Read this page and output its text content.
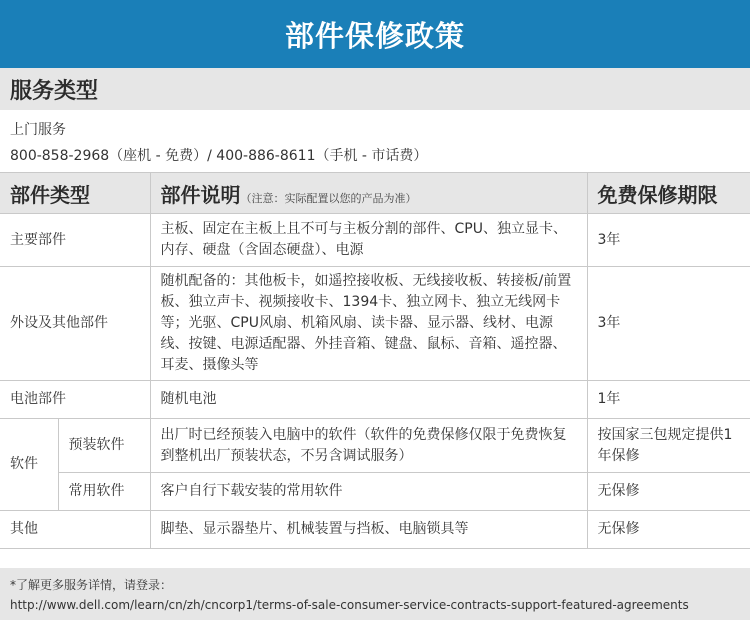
部件保修政策
服务类型
上门服务
800-858-2968（座机 - 免费）/ 400-886-8611（手机 - 市话费）
部件类型		部件说明（注意：实际配置以您的产品为准）	免费保修期限
主要部件		主板、固定在主板上且不可与主板分割的部件、CPU、独立显卡、内存、硬盘（含固态硬盘）、电源	3年
外设及其他部件		随机配备的：其他板卡，如遥控接收板、无线接收板、转接板/前置板、独立声卡、视频接收卡、1394卡、独立网卡、独立无线网卡等；光驱、CPU风扇、机箱风扇、读卡器、显示器、线材、电源线、按键、电源适配器、外挂音箱、键盘、鼠标、音箱、遥控器、耳麦、摄像头等	3年
电池部件		随机电池	1年
软件	预装软件	出厂时已经预装入电脑中的软件（软件的免费保修仅限于免费恢复到整机出厂预装状态，不另含调试服务）	按国家三包规定提供1年保修
	常用软件	客户自行下载安装的常用软件	无保修
其他		脚垫、显示器垫片、机械装置与挡板、电脑锁具等	无保修
*了解更多服务详情，请登录：
http://www.dell.com/learn/cn/zh/cncorp1/terms-of-sale-consumer-service-contracts-support-featured-agreements
